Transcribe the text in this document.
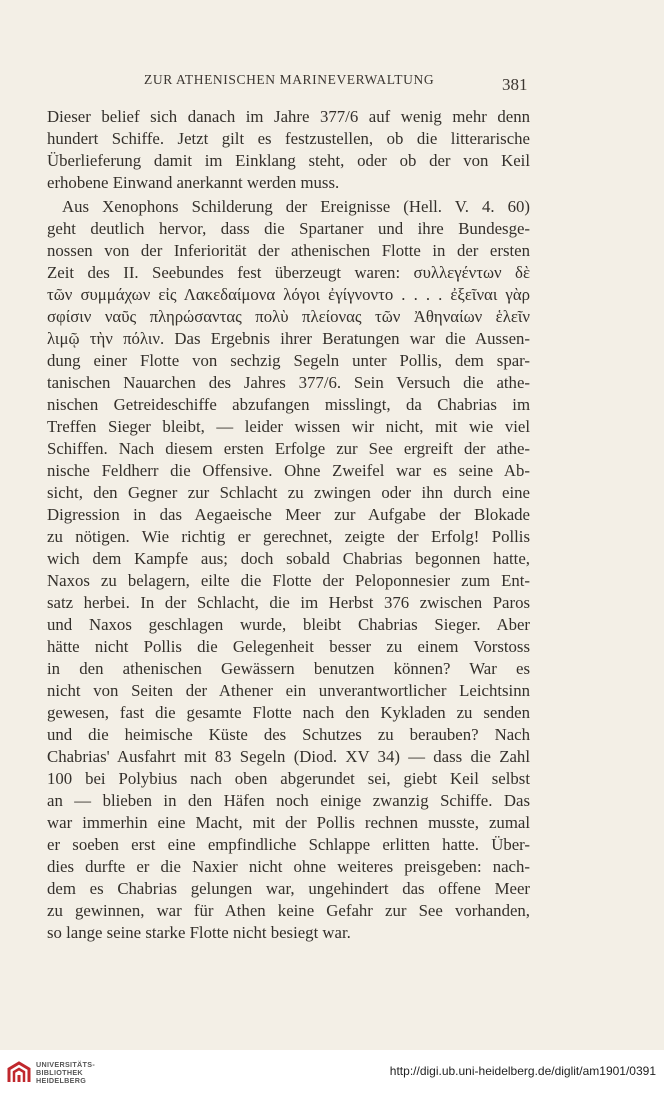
ZUR ATHENISCHEN MARINEVERWALTUNG	381
Dieser belief sich danach im Jahre 377/6 auf wenig mehr denn
hundert Schiffe. Jetzt gilt es festzustellen, ob die litterarische
Überlieferung damit im Einklang steht, oder ob der von Keil
erhobene Einwand anerkannt werden muss.
Aus Xenophons Schilderung der Ereignisse (Hell. V. 4. 60)
geht deutlich hervor, dass die Spartaner und ihre Bundesge-
nossen von der Inferiorität der athenischen Flotte in der ersten
Zeit des II. Seebundes fest überzeugt waren: συλλεγέντων δὲ
τῶν συμμάχων εἰς Λακεδαίμονα λόγοι ἐγίγνοντο . . . . ἐξεῖναι γὰρ
σφίσιν ναῦς πληρώσαντας πολὺ πλείονας τῶν Ἀθηναίων ἑλεῖν
λιμῷ τὴν πόλιν. Das Ergebnis ihrer Beratungen war die Aussen-
dung einer Flotte von sechzig Segeln unter Pollis, dem spar-
tanischen Nauarchen des Jahres 377/6. Sein Versuch die athe-
nischen Getreideschiffe abzufangen misslingt, da Chabrias im
Treffen Sieger bleibt, — leider wissen wir nicht, mit wie viel
Schiffen. Nach diesem ersten Erfolge zur See ergreift der athe-
nische Feldherr die Offensive. Ohne Zweifel war es seine Ab-
sicht, den Gegner zur Schlacht zu zwingen oder ihn durch eine
Digression in das Aegaeische Meer zur Aufgabe der Blokade
zu nötigen. Wie richtig er gerechnet, zeigte der Erfolg! Pollis
wich dem Kampfe aus; doch sobald Chabrias begonnen hatte,
Naxos zu belagern, eilte die Flotte der Peloponnesier zum Ent-
satz herbei. In der Schlacht, die im Herbst 376 zwischen Paros
und Naxos geschlagen wurde, bleibt Chabrias Sieger. Aber
hätte nicht Pollis die Gelegenheit besser zu einem Vorstoss
in den athenischen Gewässern benutzen können? War es
nicht von Seiten der Athener ein unverantwortlicher Leichtsinn
gewesen, fast die gesamte Flotte nach den Kykladen zu senden
und die heimische Küste des Schutzes zu berauben? Nach
Chabrias' Ausfahrt mit 83 Segeln (Diod. XV 34) — dass die Zahl
100 bei Polybius nach oben abgerundet sei, giebt Keil selbst
an — blieben in den Häfen noch einige zwanzig Schiffe. Das
war immerhin eine Macht, mit der Pollis rechnen musste, zumal
er soeben erst eine empfindliche Schlappe erlitten hatte. Über-
dies durfte er die Naxier nicht ohne weiteres preisgeben: nach-
dem es Chabrias gelungen war, ungehindert das offene Meer
zu gewinnen, war für Athen keine Gefahr zur See vorhanden,
so lange seine starke Flotte nicht besiegt war.
UNIVERSITÄTS-
BIBLIOTHEK
HEIDELBERG
http://digi.ub.uni-heidelberg.de/diglit/am1901/0391
